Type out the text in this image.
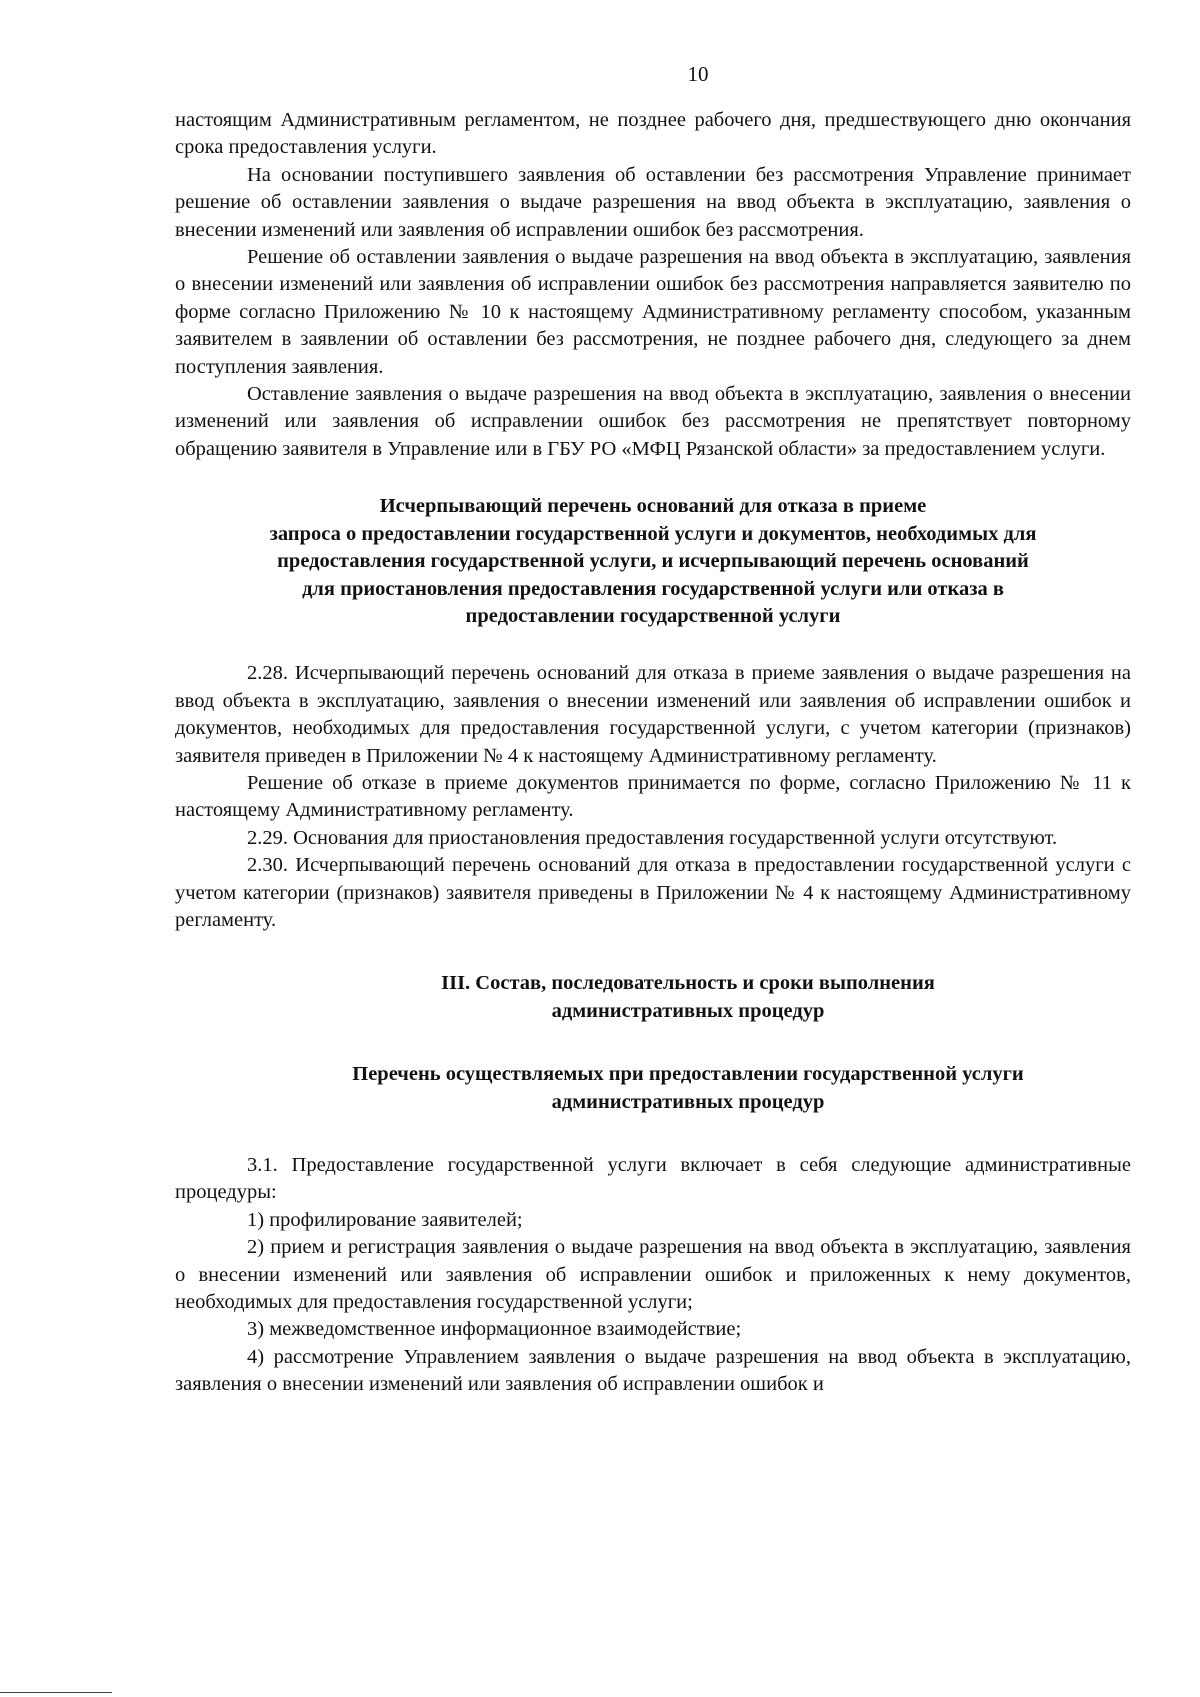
10

настоящим Административным регламентом, не позднее рабочего дня, предшествующего дню окончания срока предоставления услуги.

На основании поступившего заявления об оставлении без рассмотрения Управление принимает решение об оставлении заявления о выдаче разрешения на ввод объекта в эксплуатацию, заявления о внесении изменений или заявления об исправлении ошибок без рассмотрения.

Решение об оставлении заявления о выдаче разрешения на ввод объекта в эксплуатацию, заявления о внесении изменений или заявления об исправлении ошибок без рассмотрения направляется заявителю по форме согласно Приложению № 10 к настоящему Административному регламенту способом, указанным заявителем в заявлении об оставлении без рассмотрения, не позднее рабочего дня, следующего за днем поступления заявления.

Оставление заявления о выдаче разрешения на ввод объекта в эксплуатацию, заявления о внесении изменений или заявления об исправлении ошибок без рассмотрения не препятствует повторному обращению заявителя в Управление или в ГБУ РО «МФЦ Рязанской области» за предоставлением услуги.

Исчерпывающий перечень оснований для отказа в приеме
запроса о предоставлении государственной услуги и документов, необходимых для
предоставления государственной услуги, и исчерпывающий перечень оснований
для приостановления предоставления государственной услуги или отказа в
предоставлении государственной услуги

2.28. Исчерпывающий перечень оснований для отказа в приеме заявления о выдаче разрешения на ввод объекта в эксплуатацию, заявления о внесении изменений или заявления об исправлении ошибок и документов, необходимых для предоставления государственной услуги, с учетом категории (признаков) заявителя приведен в Приложении № 4 к настоящему Административному регламенту.

Решение об отказе в приеме документов принимается по форме, согласно Приложению № 11 к настоящему Административному регламенту.

2.29. Основания для приостановления предоставления государственной услуги отсутствуют.

2.30. Исчерпывающий перечень оснований для отказа в предоставлении государственной услуги с учетом категории (признаков) заявителя приведены в Приложении № 4 к настоящему Административному регламенту.

III. Состав, последовательность и сроки выполнения
административных процедур
Перечень осуществляемых при предоставлении государственной услуги
административных процедур

3.1. Предоставление государственной услуги включает в себя следующие административные процедуры:

1) профилирование заявителей;

2) прием и регистрация заявления о выдаче разрешения на ввод объекта в эксплуатацию, заявления о внесении изменений или заявления об исправлении ошибок и приложенных к нему документов, необходимых для предоставления государственной услуги;

3) межведомственное информационное взаимодействие;

4) рассмотрение Управлением заявления о выдаче разрешения на ввод объекта в эксплуатацию, заявления о внесении изменений или заявления об исправлении ошибок и
